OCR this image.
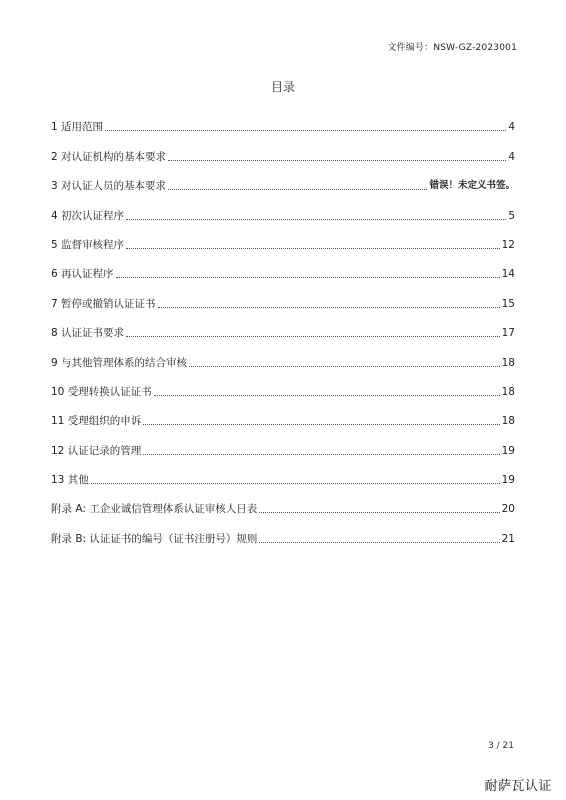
文件编号：NSW-GZ-2023001
目录
1 适用范围	4
2 对认证机构的基本要求	4
3 对认证人员的基本要求	错误！未定义书签。
4 初次认证程序	5
5 监督审核程序	12
6 再认证程序	14
7 暂停或撤销认证证书	15
8 认证证书要求	17
9 与其他管理体系的结合审核	18
10 受理转换认证证书	18
11 受理组织的申诉	18
12 认证记录的管理	19
13 其他	19
附录 A: 工企业诚信管理体系认证审核人日表	20
附录 B: 认证证书的编号（证书注册号）规则	21
3 / 21
耐萨瓦认证
